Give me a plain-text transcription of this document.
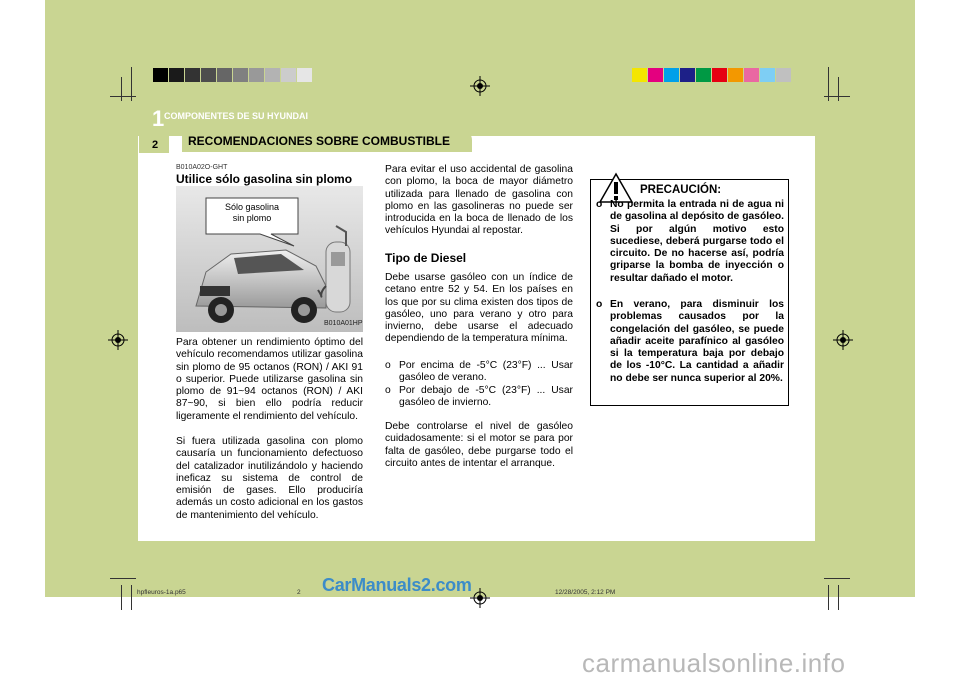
1 COMPONENTES DE SU HYUNDAI
2 RECOMENDACIONES SOBRE COMBUSTIBLE
B010A02O-GHT
Utilice sólo gasolina sin plomo
Sólo gasolina
sin plomo
B010A01HP
Para obtener un rendimiento óptimo del vehículo recomendamos utilizar gasolina sin plomo de 95 octanos (RON) / AKI 91 o superior. Puede utilizarse gasolina sin plomo de 91~94 octanos (RON) / AKI 87~90, si bien ello podría reducir ligeramente el rendimiento del vehículo.
Si fuera utilizada gasolina con plomo causaría un funcionamiento defectuoso del catalizador inutilizándolo y haciendo ineficaz su sistema de control de emisión de gases. Ello produciría además un costo adicional en los gastos de mantenimiento del vehículo.
Para evitar el uso accidental de gasolina con plomo, la boca de mayor diámetro utilizada para llenado de gasolina con plomo en las gasolineras no puede ser introducida en la boca de llenado de los vehículos Hyundai al repostar.
Tipo de Diesel
Debe usarse gasóleo con un índice de cetano entre 52 y 54. En los países en los que por su clima existen dos tipos de gasóleo, uno para verano y otro para invierno, debe usarse el adecuado dependiendo de la temperatura mínima.
o Por encima de -5°C (23°F) ... Usar gasóleo de verano.
o Por debajo de -5°C (23°F) ... Usar gasóleo de invierno.
Debe controlarse el nivel de gasóleo cuidadosamente: si el motor se para por falta de gasóleo, debe purgarse todo el circuito antes de intentar el arranque.
PRECAUCIÓN:
o No permita la entrada ni de agua ni de gasolina al depósito de gasóleo. Si por algún motivo esto sucediese, deberá purgarse todo el circuito. De no hacerse así, podría griparse la bomba de inyección o resultar dañado el motor.
o En verano, para disminuir los problemas causados por la congelación del gasóleo, se puede añadir aceite parafínico al gasóleo si la temperatura baja por debajo de los -10°C. La cantidad a añadir no debe ser nunca superior al 20%.
hpfleuros-1a.p65	2	12/28/2005, 2:12 PM
CarManuals2.com
carmanualsonline.info
